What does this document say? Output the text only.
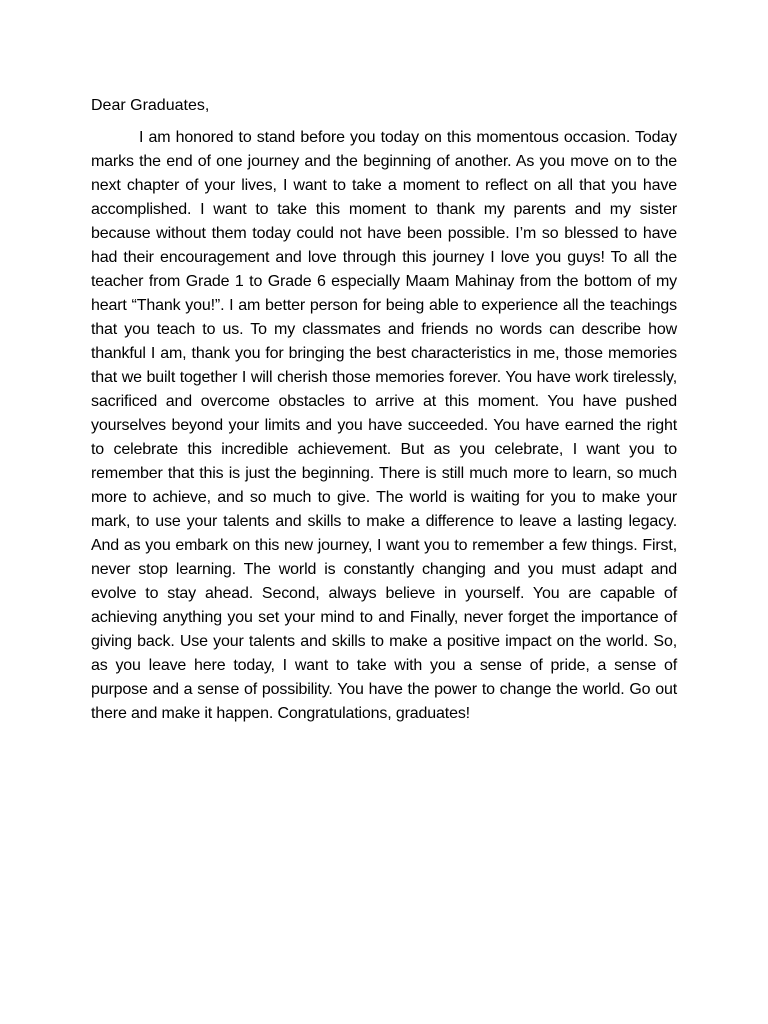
Dear Graduates,

I am honored to stand before you today on this momentous occasion. Today marks the end of one journey and the beginning of another. As you move on to the next chapter of your lives, I want to take a moment to reflect on all that you have accomplished. I want to take this moment to thank my parents and my sister because without them today could not have been possible. I’m so blessed to have had their encouragement and love through this journey I love you guys! To all the teacher from Grade 1 to Grade 6 especially Maam Mahinay from the bottom of my heart “Thank you!”. I am better person for being able to experience all the teachings that you teach to us. To my classmates and friends no words can describe how thankful I am, thank you for bringing the best characteristics in me, those memories that we built together I will cherish those memories forever. You have work tirelessly, sacrificed and overcome obstacles to arrive at this moment. You have pushed yourselves beyond your limits and you have succeeded. You have earned the right to celebrate this incredible achievement. But as you celebrate, I want you to remember that this is just the beginning. There is still much more to learn, so much more to achieve, and so much to give. The world is waiting for you to make your mark, to use your talents and skills to make a difference to leave a lasting legacy. And as you embark on this new journey, I want you to remember a few things. First, never stop learning. The world is constantly changing and you must adapt and evolve to stay ahead. Second, always believe in yourself. You are capable of achieving anything you set your mind to and Finally, never forget the importance of giving back. Use your talents and skills to make a positive impact on the world. So, as you leave here today, I want to take with you a sense of pride, a sense of purpose and a sense of possibility. You have the power to change the world. Go out there and make it happen. Congratulations, graduates!
